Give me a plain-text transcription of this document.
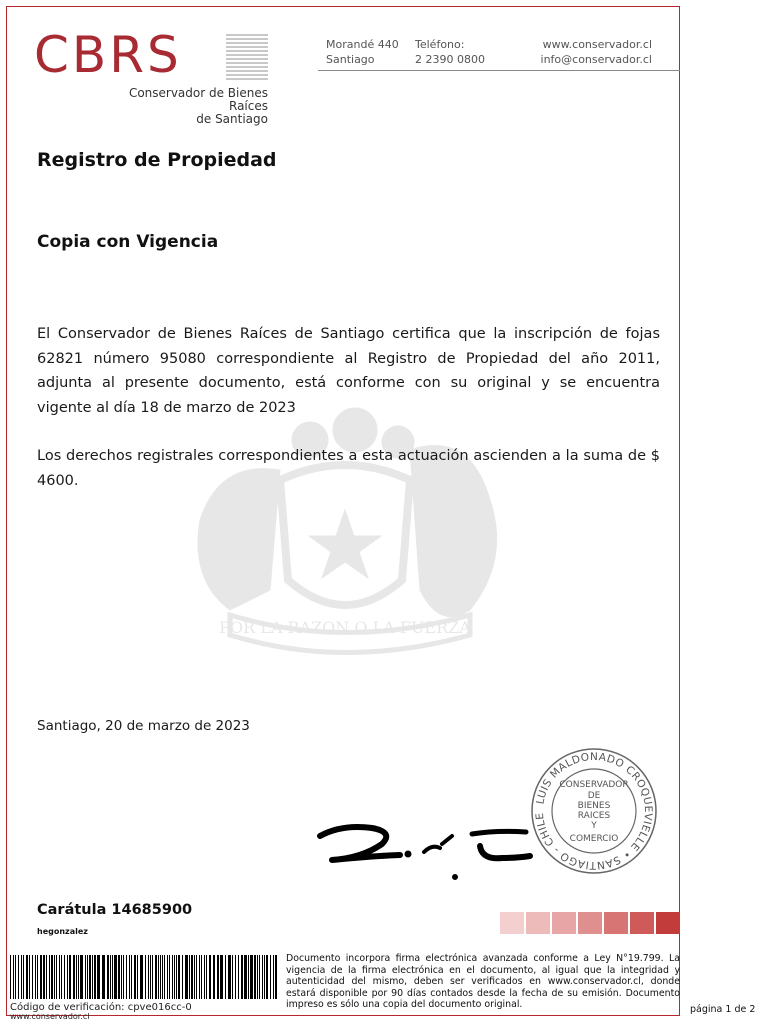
CBRS
Conservador de Bienes Raíces
de Santiago
Morandé 440
Santiago
Teléfono:
2 2390 0800
www.conservador.cl
info@conservador.cl
Registro de Propiedad
Copia con Vigencia
POR LA RAZON O LA FUERZA

El Conservador de Bienes Raíces de Santiago certifica que la inscripción de fojas 62821 número 95080 correspondiente al Registro de Propiedad del año 2011, adjunta al presente documento, está conforme con su original y se encuentra vigente al día 18 de marzo de 2023

Los derechos registrales correspondientes a esta actuación ascienden a la suma de $ 4600.

Santiago, 20 de marzo de 2023
LUIS MALDONADO CROQUEVIELLE • SANTIAGO - CHILE
CONSERVADOR
DE
BIENES
RAICES
Y
COMERCIO
Carátula 14685900
hegonzalez
Código de verificación: cpve016cc-0
www.conservador.cl

Documento incorpora firma electrónica avanzada conforme a Ley N°19.799. La vigencia de la firma electrónica en el documento, al igual que la integridad y autenticidad del mismo, deben ser verificados en www.conservador.cl, donde estará disponible por 90 días contados desde la fecha de su emisión. Documento impreso es sólo una copia del documento original.	página 1 de 2
